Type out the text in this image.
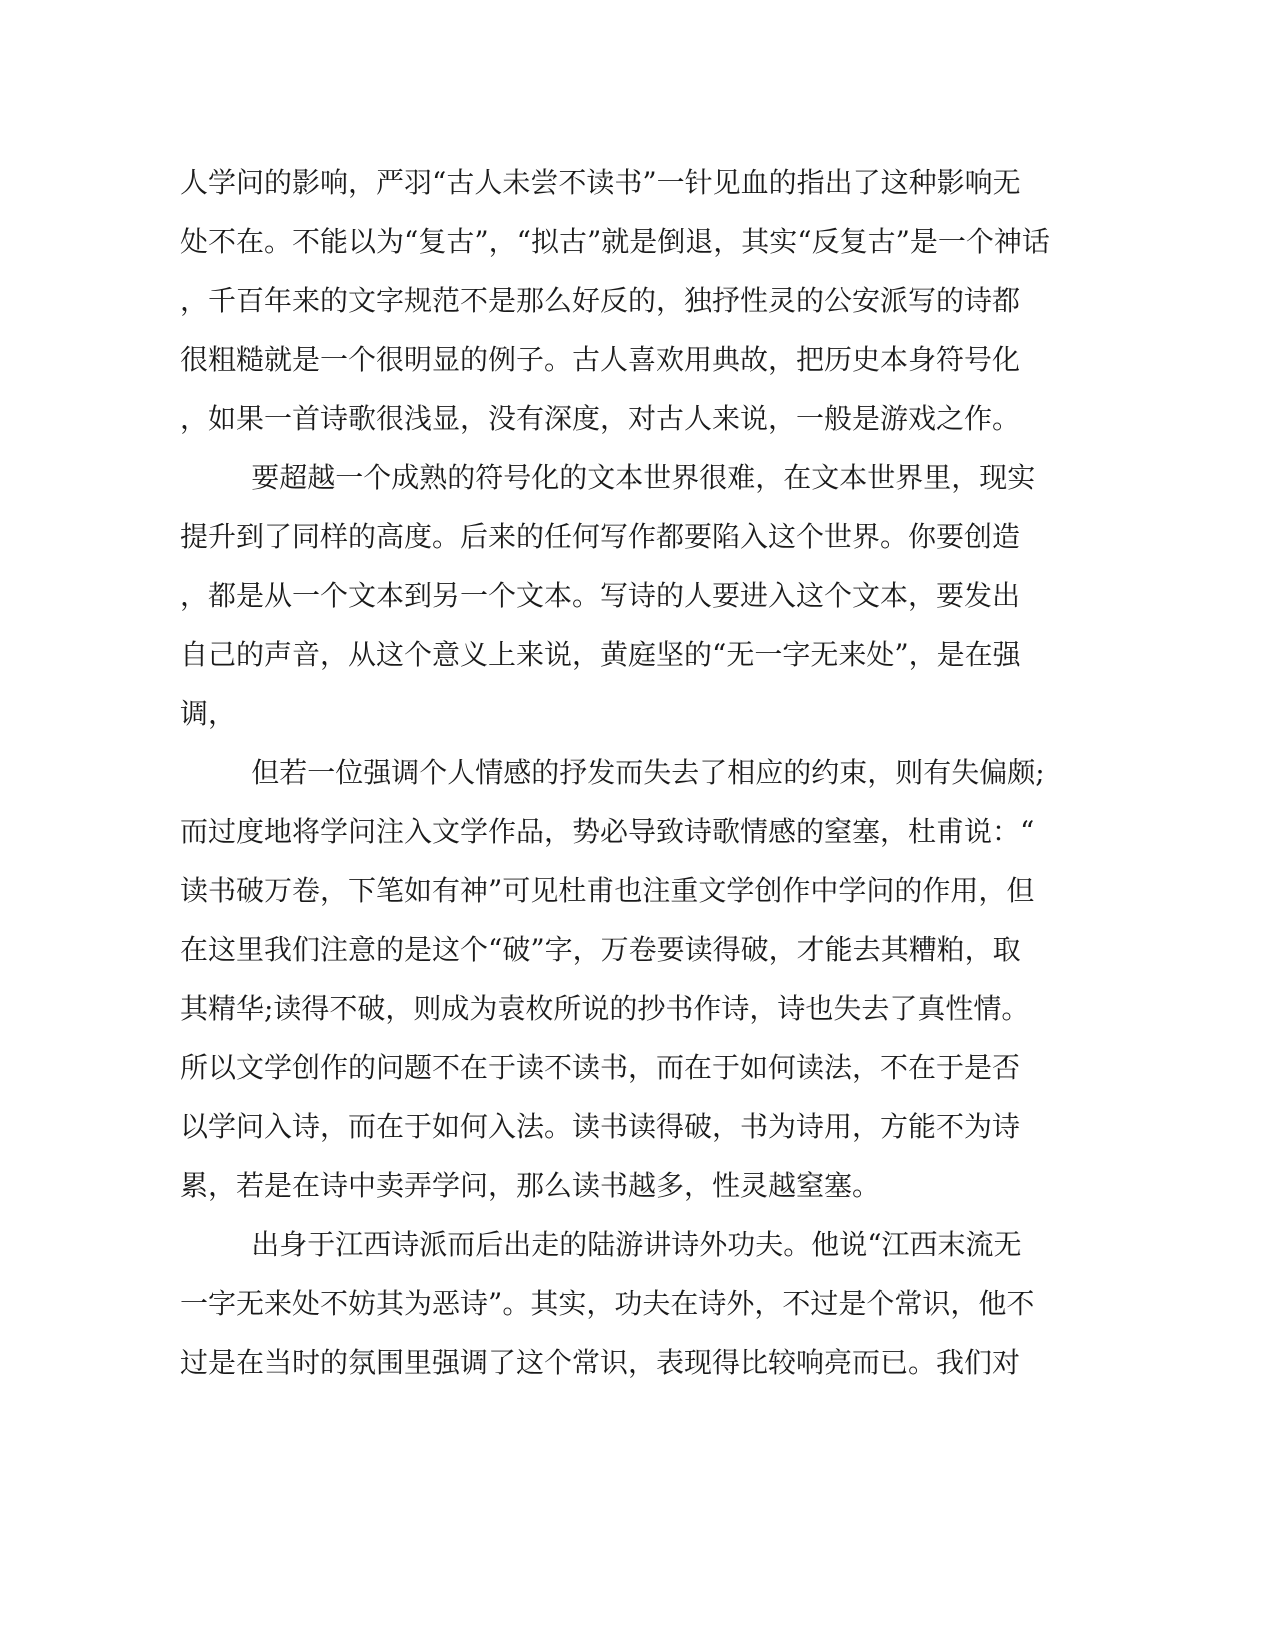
人学问的影响，严羽“古人未尝不读书”一针见血的指出了这种影响无
处不在。不能以为“复古”，“拟古”就是倒退，其实“反复古”是一个神话
，千百年来的文字规范不是那么好反的，独抒性灵的公安派写的诗都
很粗糙就是一个很明显的例子。古人喜欢用典故，把历史本身符号化
，如果一首诗歌很浅显，没有深度，对古人来说，一般是游戏之作。
要超越一个成熟的符号化的文本世界很难，在文本世界里，现实
提升到了同样的高度。后来的任何写作都要陷入这个世界。你要创造
，都是从一个文本到另一个文本。写诗的人要进入这个文本，要发出
自己的声音，从这个意义上来说，黄庭坚的“无一字无来处”，是在强
调，
但若一位强调个人情感的抒发而失去了相应的约束，则有失偏颇;
而过度地将学问注入文学作品，势必导致诗歌情感的窒塞，杜甫说：“
读书破万卷，下笔如有神”可见杜甫也注重文学创作中学问的作用，但
在这里我们注意的是这个“破”字，万卷要读得破，才能去其糟粕，取
其精华;读得不破，则成为袁枚所说的抄书作诗，诗也失去了真性情。
所以文学创作的问题不在于读不读书，而在于如何读法，不在于是否
以学问入诗，而在于如何入法。读书读得破，书为诗用，方能不为诗
累，若是在诗中卖弄学问，那么读书越多，性灵越窒塞。
出身于江西诗派而后出走的陆游讲诗外功夫。他说“江西末流无
一字无来处不妨其为恶诗”。其实，功夫在诗外，不过是个常识，他不
过是在当时的氛围里强调了这个常识，表现得比较响亮而已。我们对
